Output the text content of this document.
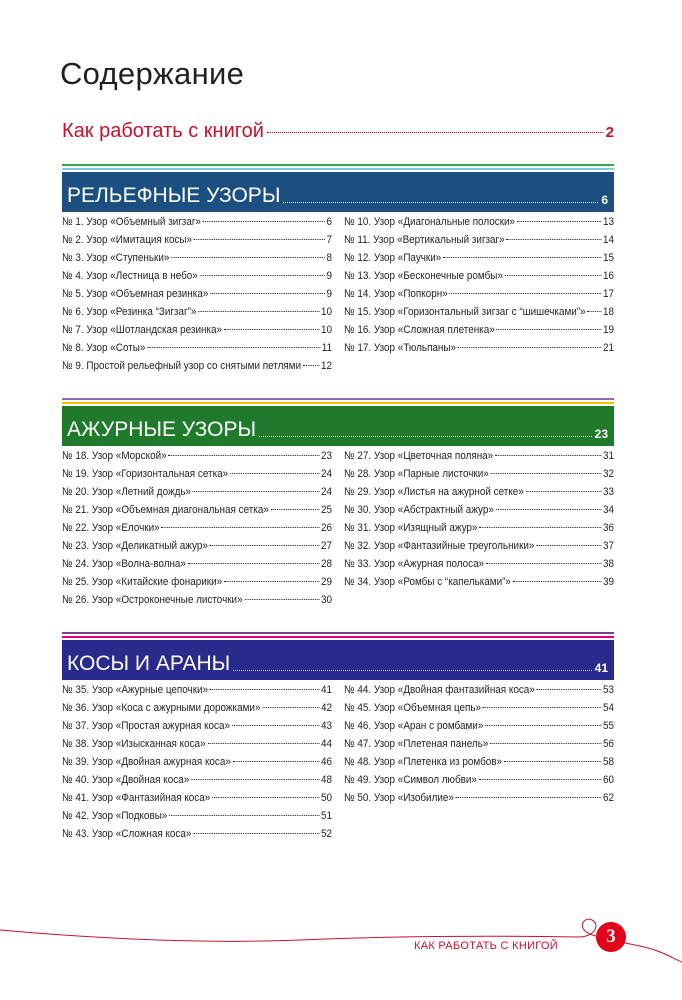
Содержание
Как работать с книгой	2
РЕЛЬЕФНЫЕ УЗОРЫ	6
№ 1. Узор «Объемный зигзаг»	6
№ 2. Узор «Имитация косы»	7
№ 3. Узор «Ступеньки»	8
№ 4. Узор «Лестница в небо»	9
№ 5. Узор «Объемная резинка»	9
№ 6. Узор «Резинка “Зигзаг”»	10
№ 7. Узор «Шотландская резинка»	10
№ 8. Узор «Соты»	11
№ 9. Простой рельефный узор со снятыми петлями 12
№ 10. Узор «Диагональные полоски»	13
№ 11. Узор «Вертикальный зигзаг»	14
№ 12. Узор «Паучки»	15
№ 13. Узор «Бесконечные ромбы»	16
№ 14. Узор «Попкорн»	17
№ 15. Узор «Горизонтальный зигзаг с “шишечками”» 18
№ 16. Узор «Сложная плетенка»	19
№ 17. Узор «Тюльпаны»	21
АЖУРНЫЕ УЗОРЫ	23
№ 18. Узор «Морской»	23
№ 19. Узор «Горизонтальная сетка»	24
№ 20. Узор «Летний дождь»	24
№ 21. Узор «Объемная диагональная сетка»	25
№ 22. Узор «Елочки»	26
№ 23. Узор «Деликатный ажур»	27
№ 24. Узор «Волна-волна»	28
№ 25. Узор «Китайские фонарики»	29
№ 26. Узор «Остроконечные листочки»	30
№ 27. Узор «Цветочная поляна»	31
№ 28. Узор «Парные листочки»	32
№ 29. Узор «Листья на ажурной сетке»	33
№ 30. Узор «Абстрактный ажур»	34
№ 31. Узор «Изящный ажур»	36
№ 32. Узор «Фантазийные треугольники»	37
№ 33. Узор «Ажурная полоса»	38
№ 34. Узор «Ромбы с “капельками”»	39
КОСЫ И АРАНЫ	41
№ 35. Узор «Ажурные цепочки»	41
№ 36. Узор «Коса с ажурными дорожками»	42
№ 37. Узор «Простая ажурная коса»	43
№ 38. Узор «Изысканная коса»	44
№ 39. Узор «Двойная ажурная коса»	46
№ 40. Узор «Двойная коса»	48
№ 41. Узор «Фантазийная коса»	50
№ 42. Узор «Подковы»	51
№ 43. Узор «Сложная коса»	52
№ 44. Узор «Двойная фантазийная коса»	53
№ 45. Узор «Объемная цепь»	54
№ 46. Узор «Аран с ромбами»	55
№ 47. Узор «Плетеная панель»	56
№ 48. Узор «Плетенка из ромбов»	58
№ 49. Узор «Символ любви»	60
№ 50. Узор «Изобилие»	62
КАК РАБОТАТЬ С КНИГОЙ	3
